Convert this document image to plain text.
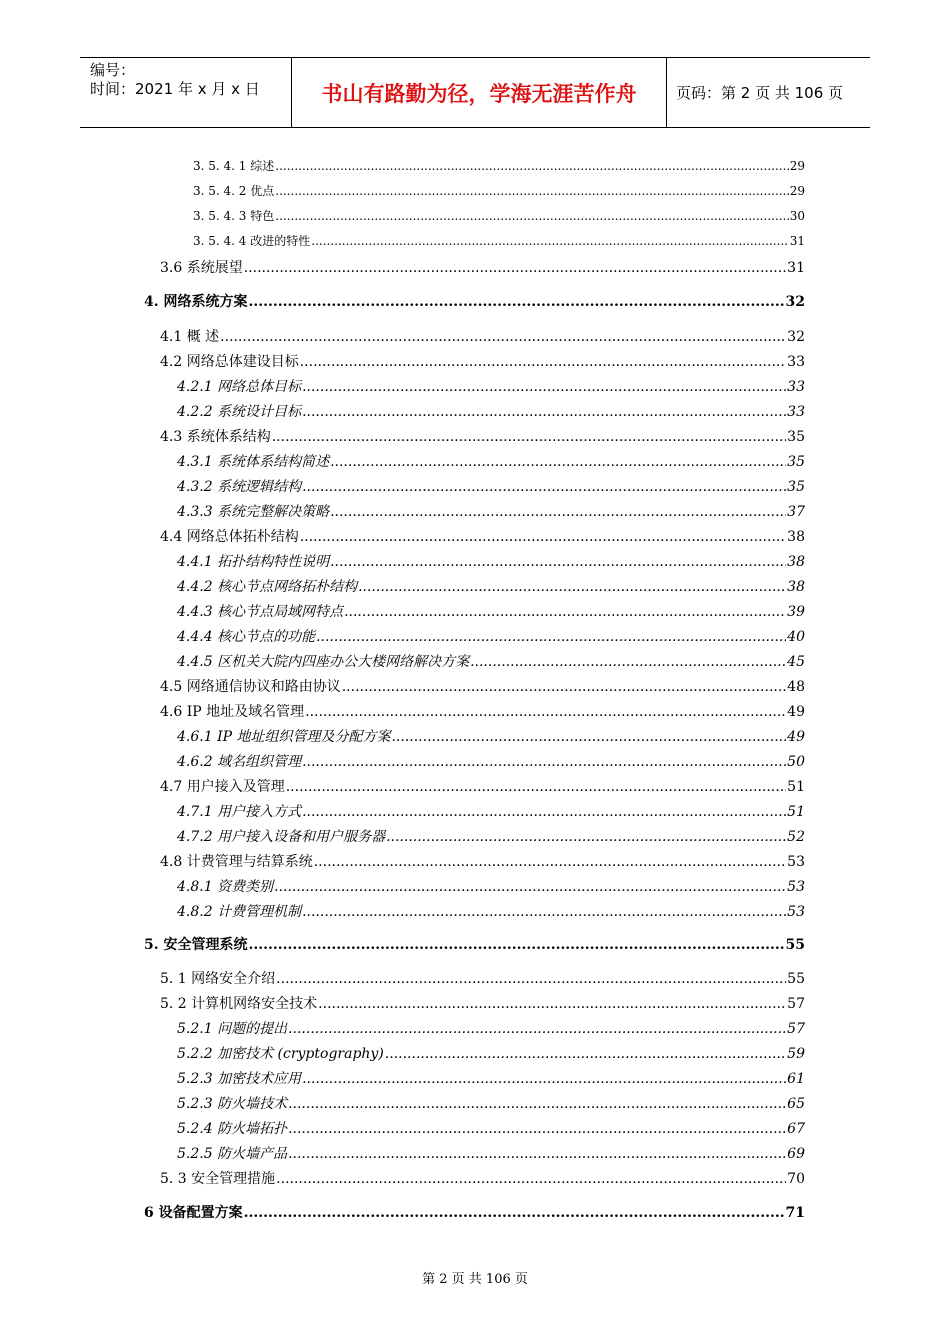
编号：
时间：2021 年 x 月 x 日	书山有路勤为径，学海无涯苦作舟	页码：第 2 页 共 106 页
3. 5. 4. 1 综述 .....	29
3. 5. 4. 2 优点 .....	29
3. 5. 4. 3 特色 .....	30
3. 5. 4. 4 改进的特性 .....	31
3.6 系统展望 .....	31
4. 网络系统方案 .....	32
4.1 概 述 .....	32
4.2 网络总体建设目标 .....	33
4.2.1 网络总体目标 .....	33
4.2.2 系统设计目标 .....	33
4.3 系统体系结构 .....	35
4.3.1 系统体系结构简述 .....	35
4.3.2 系统逻辑结构 .....	35
4.3.3 系统完整解决策略 .....	37
4.4 网络总体拓朴结构 .....	38
4.4.1 拓扑结构特性说明 .....	38
4.4.2 核心节点网络拓朴结构 .....	38
4.4.3 核心节点局域网特点 .....	39
4.4.4 核心节点的功能 .....	40
4.4.5 区机关大院内四座办公大楼网络解决方案 .....	45
4.5 网络通信协议和路由协议 .....	48
4.6 IP 地址及域名管理 .....	49
4.6.1 IP 地址组织管理及分配方案 .....	49
4.6.2 域名组织管理 .....	50
4.7 用户接入及管理 .....	51
4.7.1 用户接入方式 .....	51
4.7.2 用户接入设备和用户服务器 .....	52
4.8 计费管理与结算系统 .....	53
4.8.1 资费类别 .....	53
4.8.2 计费管理机制 .....	53
5. 安全管理系统 .....	55
5. 1 网络安全介绍 .....	55
5. 2 计算机网络安全技术 .....	57
5.2.1 问题的提出 .....	57
5.2.2 加密技术 (cryptography) .....	59
5.2.3 加密技术应用 .....	61
5.2.3 防火墙技术 .....	65
5.2.4 防火墙拓扑 .....	67
5.2.5 防火墙产品 .....	69
5. 3 安全管理措施 .....	70
6 设备配置方案 .....	71
第 2 页 共 106 页
